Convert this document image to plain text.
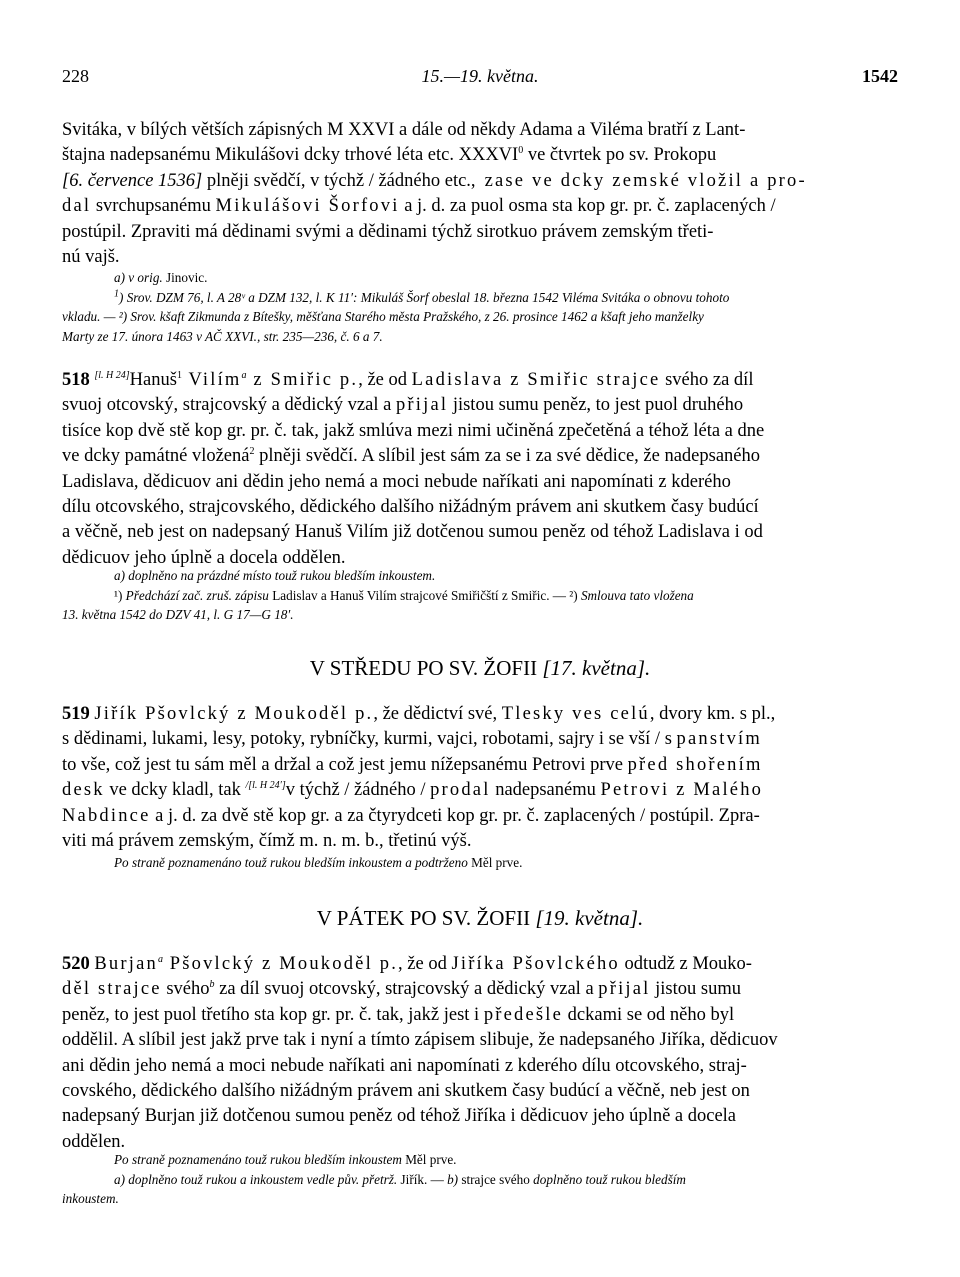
228	15.—19. května.	1542

Svitáka, v bílých větších zápisných M XXVI a dále od někdy Adama a Viléma bratří z Lant-
štajna nadepsanému Mikulášovi dcky trhové léta etc. XXXVI$^0$ ve čtvrtek po sv. Prokopu
[6. července 1536] plněji svědčí, v týchž / žádného etc., zase ve dcky zemské vložil a pro-
dal svrchupsanému Mikulášovi Šorfovi a j. d. za puol osma sta kop gr. pr. č. zaplacených /
postúpil. Zpraviti má dědinami svými a dědinami týchž sirotkuo právem zemským třeti-
nú vajš.

a) v orig. Jinovic.

$^1$) Srov. DZM 76, l. A 28ᵛ a DZM 132, l. K 11′: Mikuláš Šorf obeslal 18. března 1542 Viléma Svitáka o obnovu tohoto

vkladu. — ²) Srov. kšaft Zikmunda z Bítešky, měšťana Starého města Pražského, z 26. prosince 1462 a kšaft jeho manželky

Marty ze 17. února 1463 v AČ XXVI., str. 235—236, č. 6 a 7.

518 [l. H 24]Hanuš$^1$ Vilím$^a$ z Smiřic p., že od Ladislava z Smiřic strajce svého za díl
svuoj otcovský, strajcovský a dědický vzal a přijal jistou sumu peněz, to jest puol druhého
tisíce kop dvě stě kop gr. pr. č. tak, jakž smlúva mezi nimi učiněná zpečetěná a téhož léta a dne
ve dcky památné vložená$^2$ plněji svědčí. A slíbil jest sám za se i za své dědice, že nadepsaného
Ladislava, dědicuov ani dědin jeho nemá a moci nebude naříkati ani napomínati z kderého
dílu otcovského, strajcovského, dědického dalšího nižádným právem ani skutkem časy budúcí
a věčně, neb jest on nadepsaný Hanuš Vilím již dotčenou sumou peněz od téhož Ladislava i od
dědicuov jeho úplně a docela oddělen.

a) doplněno na prázdné místo touž rukou bledším inkoustem.

¹) Předchází zač. zruš. zápisu Ladislav a Hanuš Vilím strajcové Smiřičští z Smiřic. — ²) Smlouva tato vložena

13. května 1542 do DZV 41, l. G 17—G 18′.

V STŘEDU PO SV. ŽOFII [17. května].

519 Jiřík Pšovlcký z Moukoděl p., že dědictví své, Tlesky ves celú, dvory km. s pl.,
s dědinami, lukami, lesy, potoky, rybníčky, kurmi, vajci, robotami, sajry i se vší / s panstvím
to vše, což jest tu sám měl a držal a což jest jemu nížepsanému Petrovi prve před shořením
desk ve dcky kladl, tak $^{/[l. H 24']}$v týchž / žádného / prodal nadepsanému Petrovi z Malého
Nabdince a j. d. za dvě stě kop gr. a za čtyrydceti kop gr. pr. č. zaplacených / postúpil. Zpra-
viti má právem zemským, čímž m. n. m. b., třetinú výš.

Po straně poznamenáno touž rukou bledším inkoustem a podtrženo Měl prve.

V PÁTEK PO SV. ŽOFII [19. května].

520 Burjan$^a$ Pšovlcký z Moukoděl p., že od Jiříka Pšovlckého odtudž z Mouko-
děl strajce svého$^b$ za díl svuoj otcovský, strajcovský a dědický vzal a přijal jistou sumu
peněz, to jest puol třetího sta kop gr. pr. č. tak, jakž jest i předešle dckami se od něho byl
oddělil. A slíbil jest jakž prve tak i nyní a tímto zápisem slibuje, že nadepsaného Jiříka, dědicuov
ani dědin jeho nemá a moci nebude naříkati ani napomínati z kderého dílu otcovského, straj-
covského, dědického dalšího nižádným právem ani skutkem časy budúcí a věčně, neb jest on
nadepsaný Burjan již dotčenou sumou peněz od téhož Jiříka i dědicuov jeho úplně a docela
oddělen.

Po straně poznamenáno touž rukou bledším inkoustem Měl prve.

a) doplněno touž rukou a inkoustem vedle pův. přetrž. Jiřík. — b) strajce svého doplněno touž rukou bledším

inkoustem.
